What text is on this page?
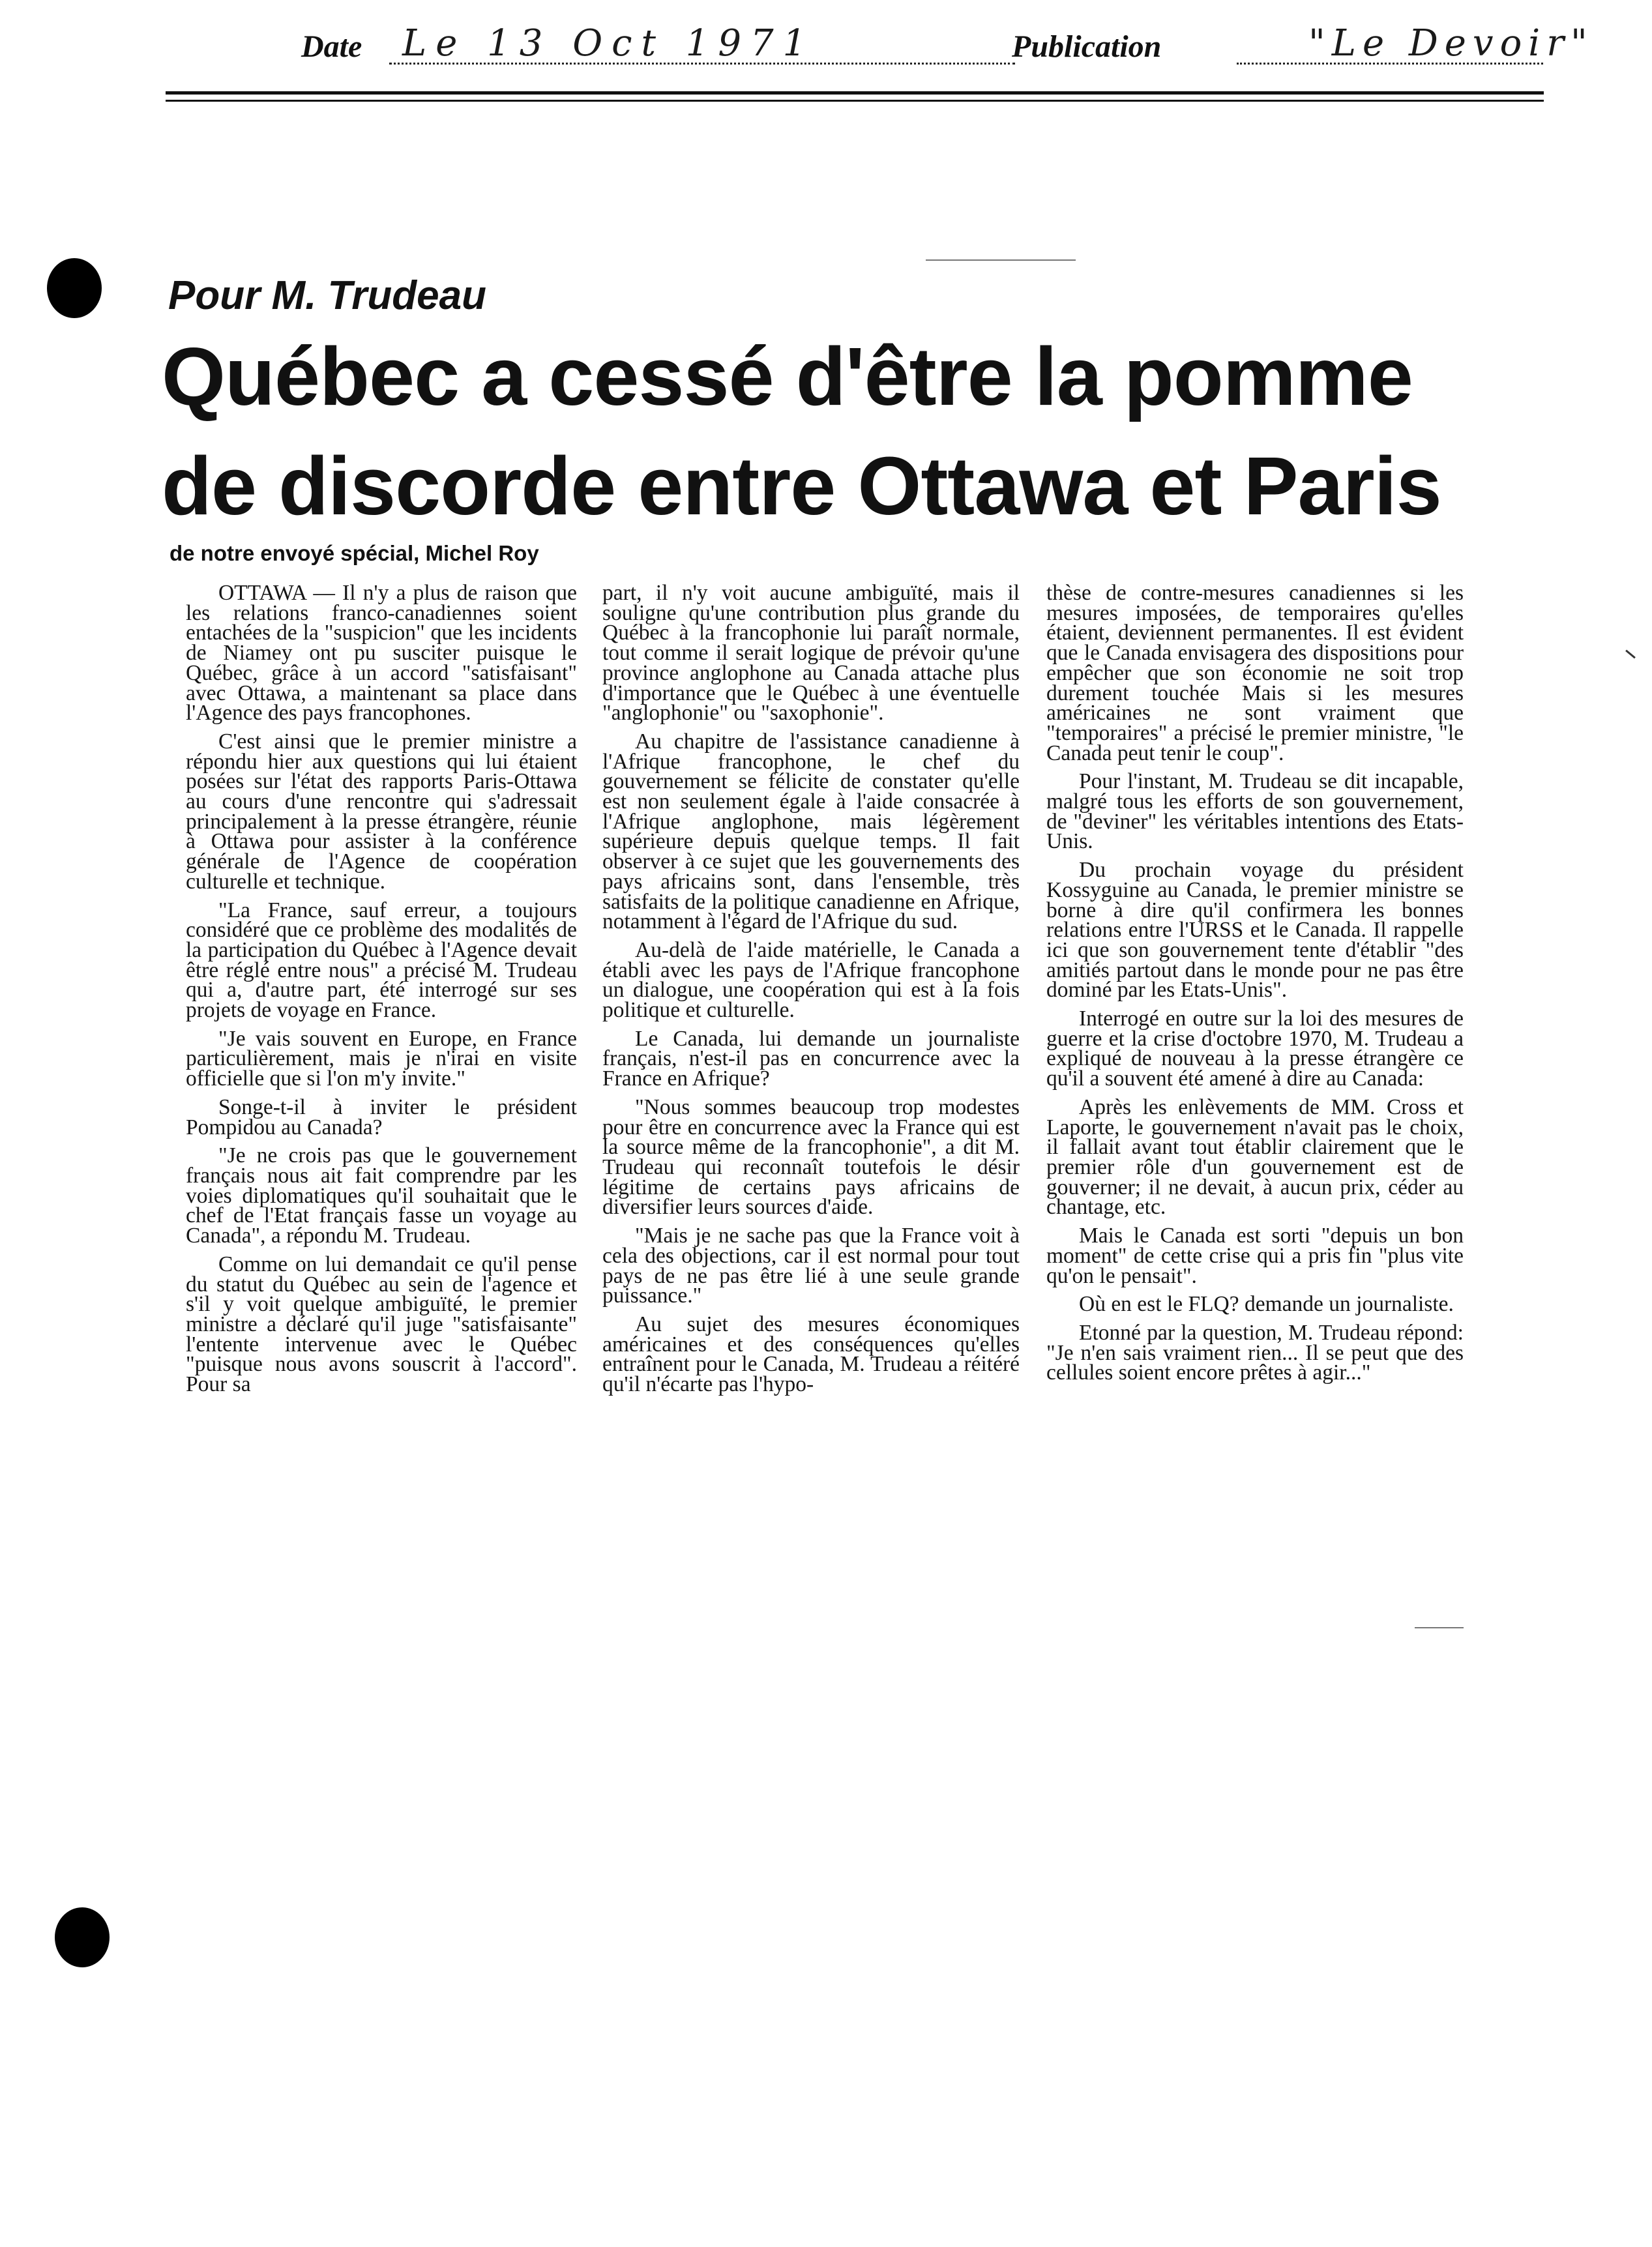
Date Le 13 Oct 1971	Publication	"Le Devoir"
Pour M. Trudeau
Québec a cessé d'être la pomme
de discorde entre Ottawa et Paris
de notre envoyé spécial, Michel Roy

OTTAWA — Il n'y a plus de raison que les relations franco-canadiennes soient entachées de la "suspicion" que les incidents de Niamey ont pu susciter puisque le Québec, grâce à un accord "satisfaisant" avec Ottawa, a maintenant sa place dans l'Agence des pays francophones.

C'est ainsi que le premier ministre a répondu hier aux questions qui lui étaient posées sur l'état des rapports Paris-Ottawa au cours d'une rencontre qui s'adressait principalement à la presse étrangère, réunie à Ottawa pour assister à la conférence générale de l'Agence de coopération culturelle et technique.

"La France, sauf erreur, a toujours considéré que ce problème des modalités de la participation du Québec à l'Agence devait être réglé entre nous" a précisé M. Trudeau qui a, d'autre part, été interrogé sur ses projets de voyage en France.

"Je vais souvent en Europe, en France particulièrement, mais je n'irai en visite officielle que si l'on m'y invite."

Songe-t-il à inviter le président Pompidou au Canada?

"Je ne crois pas que le gouvernement français nous ait fait comprendre par les voies diplomatiques qu'il souhaitait que le chef de l'Etat français fasse un voyage au Canada", a répondu M. Trudeau.

Comme on lui demandait ce qu'il pense du statut du Québec au sein de l'agence et s'il y voit quelque ambiguïté, le premier ministre a déclaré qu'il juge "satisfaisante" l'entente intervenue avec le Québec "puisque nous avons souscrit à l'accord". Pour sa

part, il n'y voit aucune ambiguïté, mais il souligne qu'une contribution plus grande du Québec à la francophonie lui paraît normale, tout comme il serait logique de prévoir qu'une province anglophone au Canada attache plus d'importance que le Québec à une éventuelle "anglophonie" ou "saxophonie".

Au chapitre de l'assistance canadienne à l'Afrique francophone, le chef du gouvernement se félicite de constater qu'elle est non seulement égale à l'aide consacrée à l'Afrique anglophone, mais légèrement supérieure depuis quelque temps. Il fait observer à ce sujet que les gouvernements des pays africains sont, dans l'ensemble, très satisfaits de la politique canadienne en Afrique, notamment à l'égard de l'Afrique du sud.

Au-delà de l'aide matérielle, le Canada a établi avec les pays de l'Afrique francophone un dialogue, une coopération qui est à la fois politique et culturelle.

Le Canada, lui demande un journaliste français, n'est-il pas en concurrence avec la France en Afrique?

"Nous sommes beaucoup trop modestes pour être en concurrence avec la France qui est la source même de la francophonie", a dit M. Trudeau qui reconnaît toutefois le désir légitime de certains pays africains de diversifier leurs sources d'aide.

"Mais je ne sache pas que la France voit à cela des objections, car il est normal pour tout pays de ne pas être lié à une seule grande puissance."

Au sujet des mesures économiques américaines et des conséquences qu'elles entraînent pour le Canada, M. Trudeau a réitéré qu'il n'écarte pas l'hypo-

thèse de contre-mesures canadiennes si les mesures imposées, de temporaires qu'elles étaient, deviennent permanentes. Il est évident que le Canada envisagera des dispositions pour empêcher que son économie ne soit trop durement touchée Mais si les mesures américaines ne sont vraiment que "temporaires" a précisé le premier ministre, "le Canada peut tenir le coup".

Pour l'instant, M. Trudeau se dit incapable, malgré tous les efforts de son gouvernement, de "deviner" les véritables intentions des Etats-Unis.

Du prochain voyage du président Kossyguine au Canada, le premier ministre se borne à dire qu'il confirmera les bonnes relations entre l'URSS et le Canada. Il rappelle ici que son gouvernement tente d'établir "des amitiés partout dans le monde pour ne pas être dominé par les Etats-Unis".

Interrogé en outre sur la loi des mesures de guerre et la crise d'octobre 1970, M. Trudeau a expliqué de nouveau à la presse étrangère ce qu'il a souvent été amené à dire au Canada:

Après les enlèvements de MM. Cross et Laporte, le gouvernement n'avait pas le choix, il fallait avant tout établir clairement que le premier rôle d'un gouvernement est de gouverner; il ne devait, à aucun prix, céder au chantage, etc.

Mais le Canada est sorti "depuis un bon moment" de cette crise qui a pris fin "plus vite qu'on le pensait".

Où en est le FLQ? demande un journaliste.

Etonné par la question, M. Trudeau répond: "Je n'en sais vraiment rien... Il se peut que des cellules soient encore prêtes à agir..."
